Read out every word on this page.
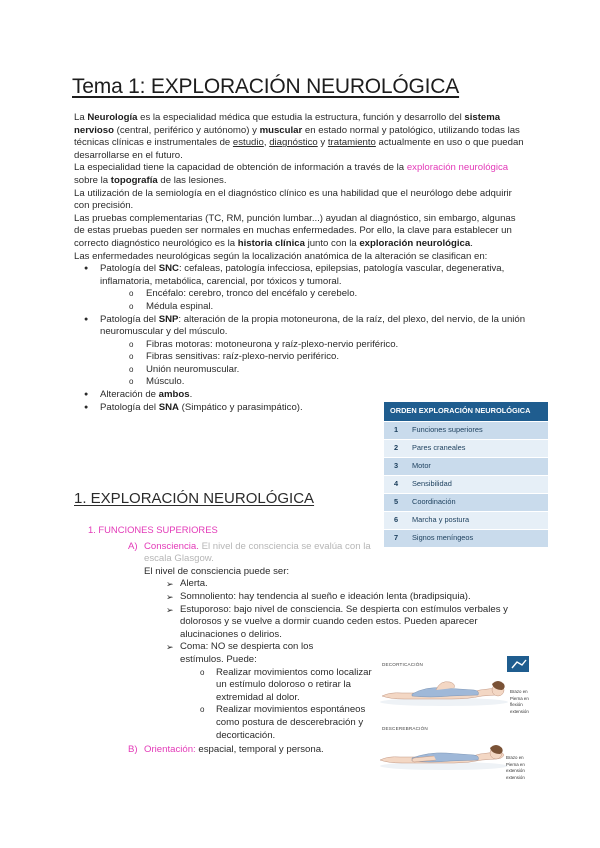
Tema 1: EXPLORACIÓN NEUROLÓGICA

La Neurología es la especialidad médica que estudia la estructura, función y desarrollo del sistema nervioso (central, periférico y autónomo) y muscular en estado normal y patológico, utilizando todas las técnicas clínicas e instrumentales de estudio, diagnóstico y tratamiento actualmente en uso o que puedan desarrollarse en el futuro.

La especialidad tiene la capacidad de obtención de información a través de la exploración neurológica sobre la topografía de las lesiones.

La utilización de la semiología en el diagnóstico clínico es una habilidad que el neurólogo debe adquirir con precisión.

Las pruebas complementarias (TC, RM, punción lumbar...) ayudan al diagnóstico, sin embargo, algunas de estas pruebas pueden ser normales en muchas enfermedades. Por ello, la clave para establecer un correcto diagnóstico neurológico es la historia clínica junto con la exploración neurológica.

Las enfermedades neurológicas según la localización anatómica de la alteración se clasifican en:

● Patología del SNC: cefaleas, patología infecciosa, epilepsias, patología vascular, degenerativa, inflamatoria, metabólica, carencial, por tóxicos y tumoral.
o Encéfalo: cerebro, tronco del encéfalo y cerebelo.
o Médula espinal.
● Patología del SNP: alteración de la propia motoneurona, de la raíz, del plexo, del nervio, de la unión neuromuscular y del músculo.
o Fibras motoras: motoneurona y raíz-plexo-nervio periférico.
o Fibras sensitivas: raíz-plexo-nervio periférico.
o Unión neuromuscular.
o Músculo.
● Alteración de ambos.
● Patología del SNA (Simpático y parasimpático).	ORDEN EXPLORACIÓN NEUROLÓGICA	
1	Funciones superiores
2	Pares craneales
3	Motor
4	Sensibilidad
5	Coordinación
6	Marcha y postura
7	Signos meníngeos
1. EXPLORACIÓN NEUROLÓGICA
1. FUNCIONES SUPERIORES
A) Consciencia. El nivel de consciencia se evalúa con la escala Glasgow.
El nivel de consciencia puede ser:
➢ Alerta.
➢ Somnoliento: hay tendencia al sueño e ideación lenta (bradipsiquia).
➢ Estuporoso: bajo nivel de consciencia. Se despierta con estímulos verbales y dolorosos y se vuelve a dormir cuando ceden estos. Pueden aparecer alucinaciones o delirios.
➢ Coma: NO se despierta con los estímulos. Puede:
o Realizar movimientos como localizar un estímulo doloroso o retirar la extremidad al dolor.
o Realizar movimientos espontáneos como postura de descerebración y decorticación.
B) Orientación: espacial, temporal y persona.
DECORTICACIÓN
DESCEREBRACIÓN
Brazo en flexión
Pierna en extensión
Brazo en extensión
Pierna en extensión
